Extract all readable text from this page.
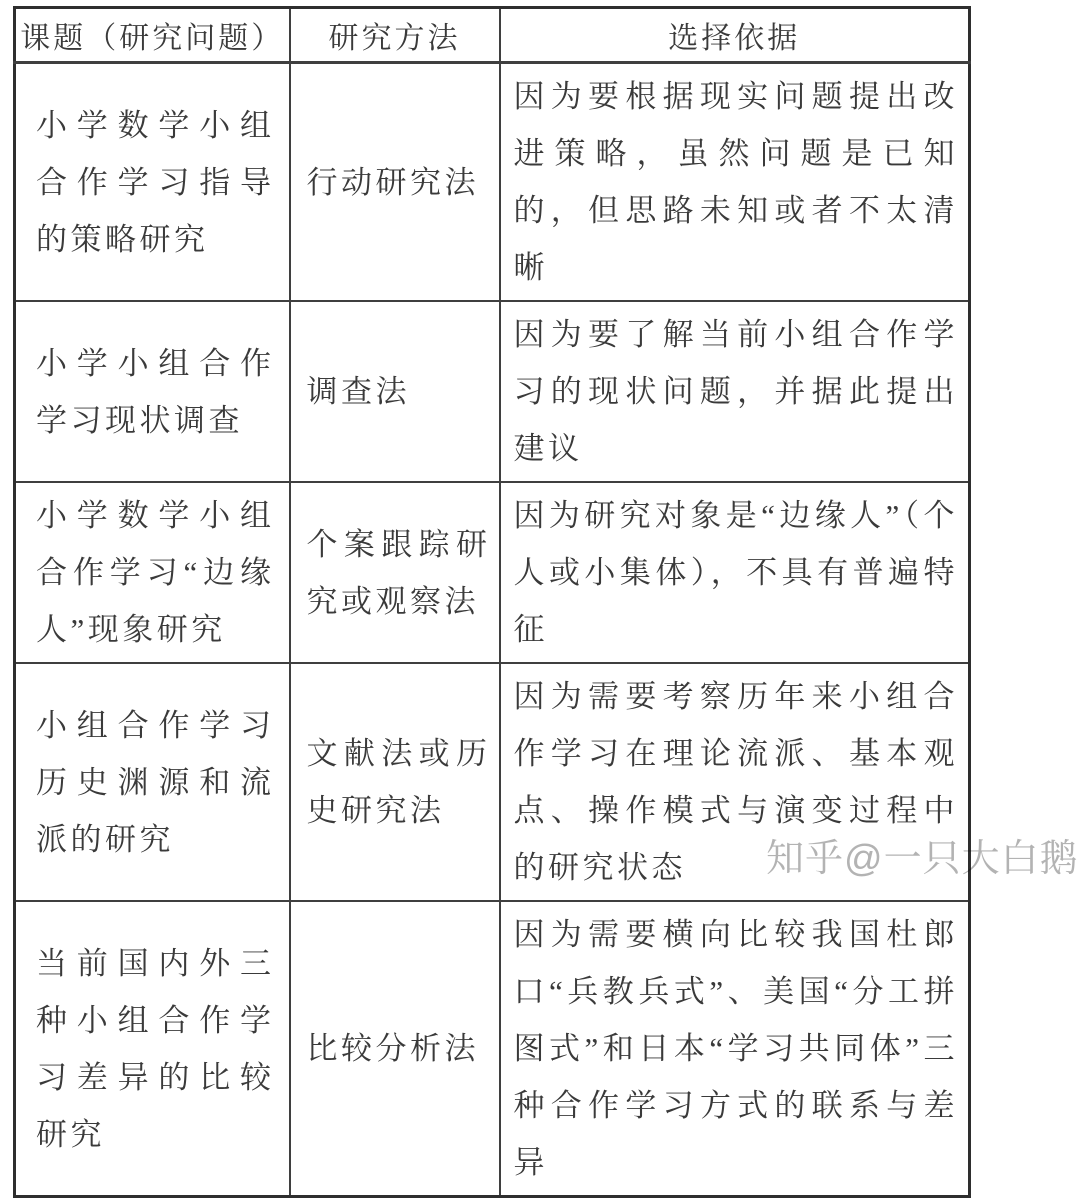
课题（研究问题）	研究方法	选择依据
小学数学小组合作学习指导的策略研究	行动研究法	因为要根据现实问题提出改进策略，虽然问题是已知的，但思路未知或者不太清晰
小学小组合作学习现状调查	调查法	因为要了解当前小组合作学习的现状问题，并据此提出建议
小学数学小组合作学习“边缘人”现象研究	个案跟踪研究或观察法	因为研究对象是“边缘人”（个人或小集体），不具有普遍特征
小组合作学习历史渊源和流派的研究	文献法或历史研究法	因为需要考察历年来小组合作学习在理论流派、基本观点、操作模式与演变过程中的研究状态
当前国内外三种小组合作学习差异的比较研究	比较分析法	因为需要横向比较我国杜郎口“兵教兵式”、美国“分工拼图式”和日本“学习共同体”三种合作学习方式的联系与差异
知乎@一只大白鹅
